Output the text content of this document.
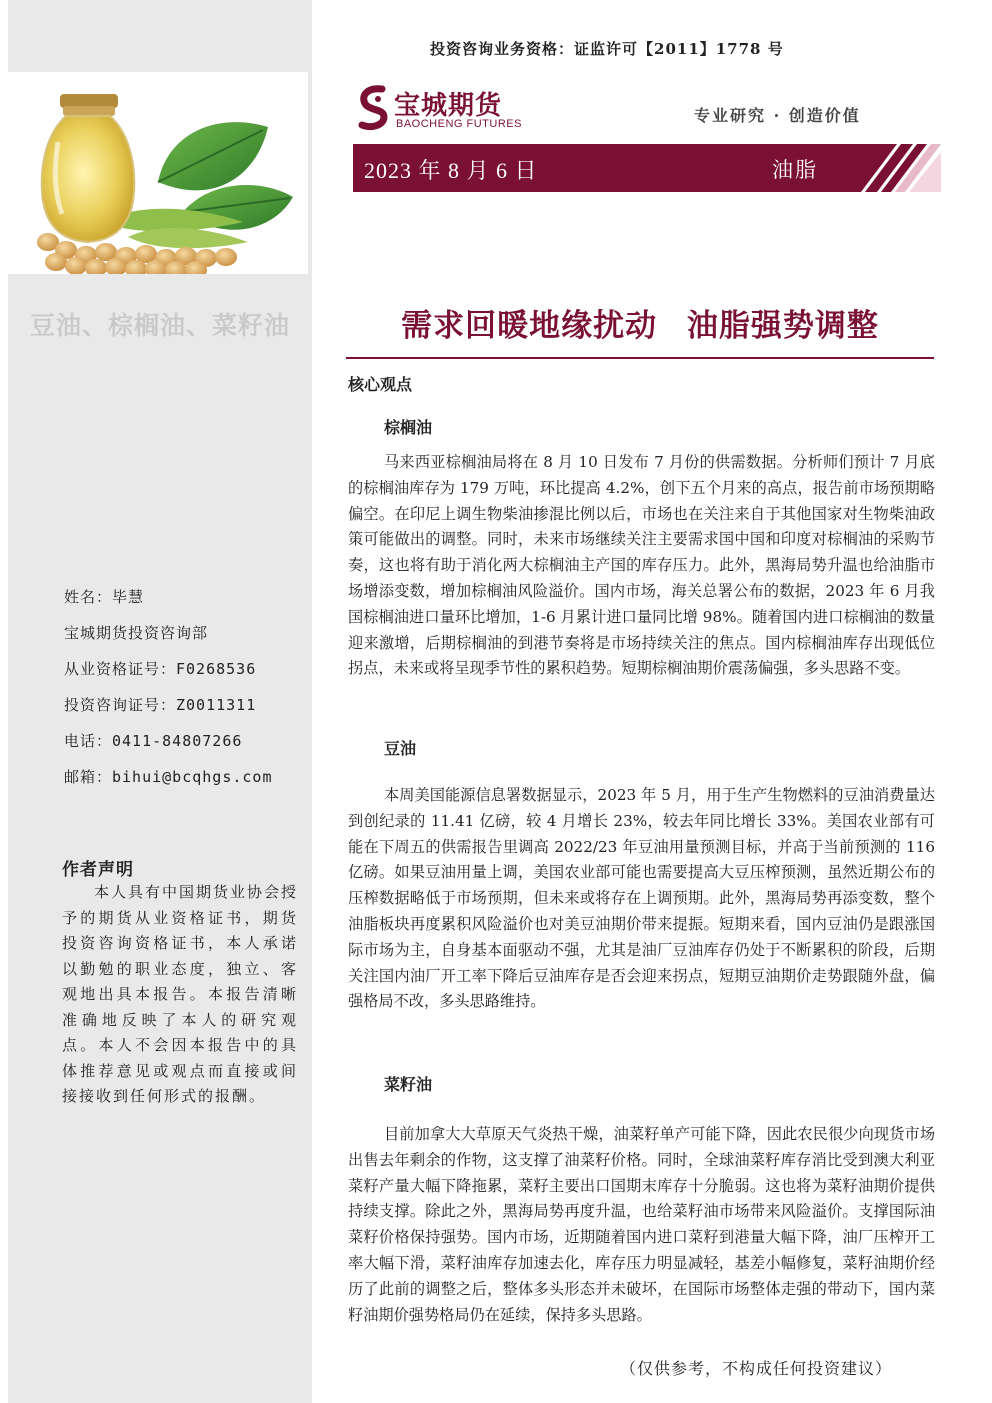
豆油、棕榈油、菜籽油
姓名：毕慧
宝城期货投资咨询部
从业资格证号：F0268536
投资咨询证号：Z0011311
电话：0411-84807266
邮箱：bihui@bcqhgs.com
作者声明
本人具有中国期货业协会授予的期货从业资格证书，期货投资咨询资格证书，本人承诺以勤勉的职业态度，独立、客观地出具本报告。本报告清晰准确地反映了本人的研究观点。本人不会因本报告中的具体推荐意见或观点而直接或间接接收到任何形式的报酬。
投资咨询业务资格：证监许可【2011】1778 号
宝城期货
BAOCHENG FUTURES	专业研究 · 创造价值
2023 年 8 月 6 日	油脂
需求回暖地缘扰动 油脂强势调整
核心观点
棕榈油
马来西亚棕榈油局将在 8 月 10 日发布 7 月份的供需数据。分析师们预计 7 月底的棕榈油库存为 179 万吨，环比提高 4.2%，创下五个月来的高点，报告前市场预期略偏空。在印尼上调生物柴油掺混比例以后，市场也在关注来自于其他国家对生物柴油政策可能做出的调整。同时，未来市场继续关注主要需求国中国和印度对棕榈油的采购节奏，这也将有助于消化两大棕榈油主产国的库存压力。此外，黑海局势升温也给油脂市场增添变数，增加棕榈油风险溢价。国内市场，海关总署公布的数据，2023 年 6 月我国棕榈油进口量环比增加，1-6 月累计进口量同比增 98%。随着国内进口棕榈油的数量迎来激增，后期棕榈油的到港节奏将是市场持续关注的焦点。国内棕榈油库存出现低位拐点，未来或将呈现季节性的累积趋势。短期棕榈油期价震荡偏强，多头思路不变。
豆油
本周美国能源信息署数据显示，2023 年 5 月，用于生产生物燃料的豆油消费量达到创纪录的 11.41 亿磅，较 4 月增长 23%，较去年同比增长 33%。美国农业部有可能在下周五的供需报告里调高 2022/23 年豆油用量预测目标，并高于当前预测的 116 亿磅。如果豆油用量上调，美国农业部可能也需要提高大豆压榨预测，虽然近期公布的压榨数据略低于市场预期，但未来或将存在上调预期。此外，黑海局势再添变数，整个油脂板块再度累积风险溢价也对美豆油期价带来提振。短期来看，国内豆油仍是跟涨国际市场为主，自身基本面驱动不强，尤其是油厂豆油库存仍处于不断累积的阶段，后期关注国内油厂开工率下降后豆油库存是否会迎来拐点，短期豆油期价走势跟随外盘，偏强格局不改，多头思路维持。
菜籽油
目前加拿大大草原天气炎热干燥，油菜籽单产可能下降，因此农民很少向现货市场出售去年剩余的作物，这支撑了油菜籽价格。同时，全球油菜籽库存消比受到澳大利亚菜籽产量大幅下降拖累，菜籽主要出口国期末库存十分脆弱。这也将为菜籽油期价提供持续支撑。除此之外，黑海局势再度升温，也给菜籽油市场带来风险溢价。支撑国际油菜籽价格保持强势。国内市场，近期随着国内进口菜籽到港量大幅下降，油厂压榨开工率大幅下滑，菜籽油库存加速去化，库存压力明显减轻，基差小幅修复，菜籽油期价经历了此前的调整之后，整体多头形态并未破坏，在国际市场整体走强的带动下，国内菜籽油期价强势格局仍在延续，保持多头思路。
（仅供参考，不构成任何投资建议）
